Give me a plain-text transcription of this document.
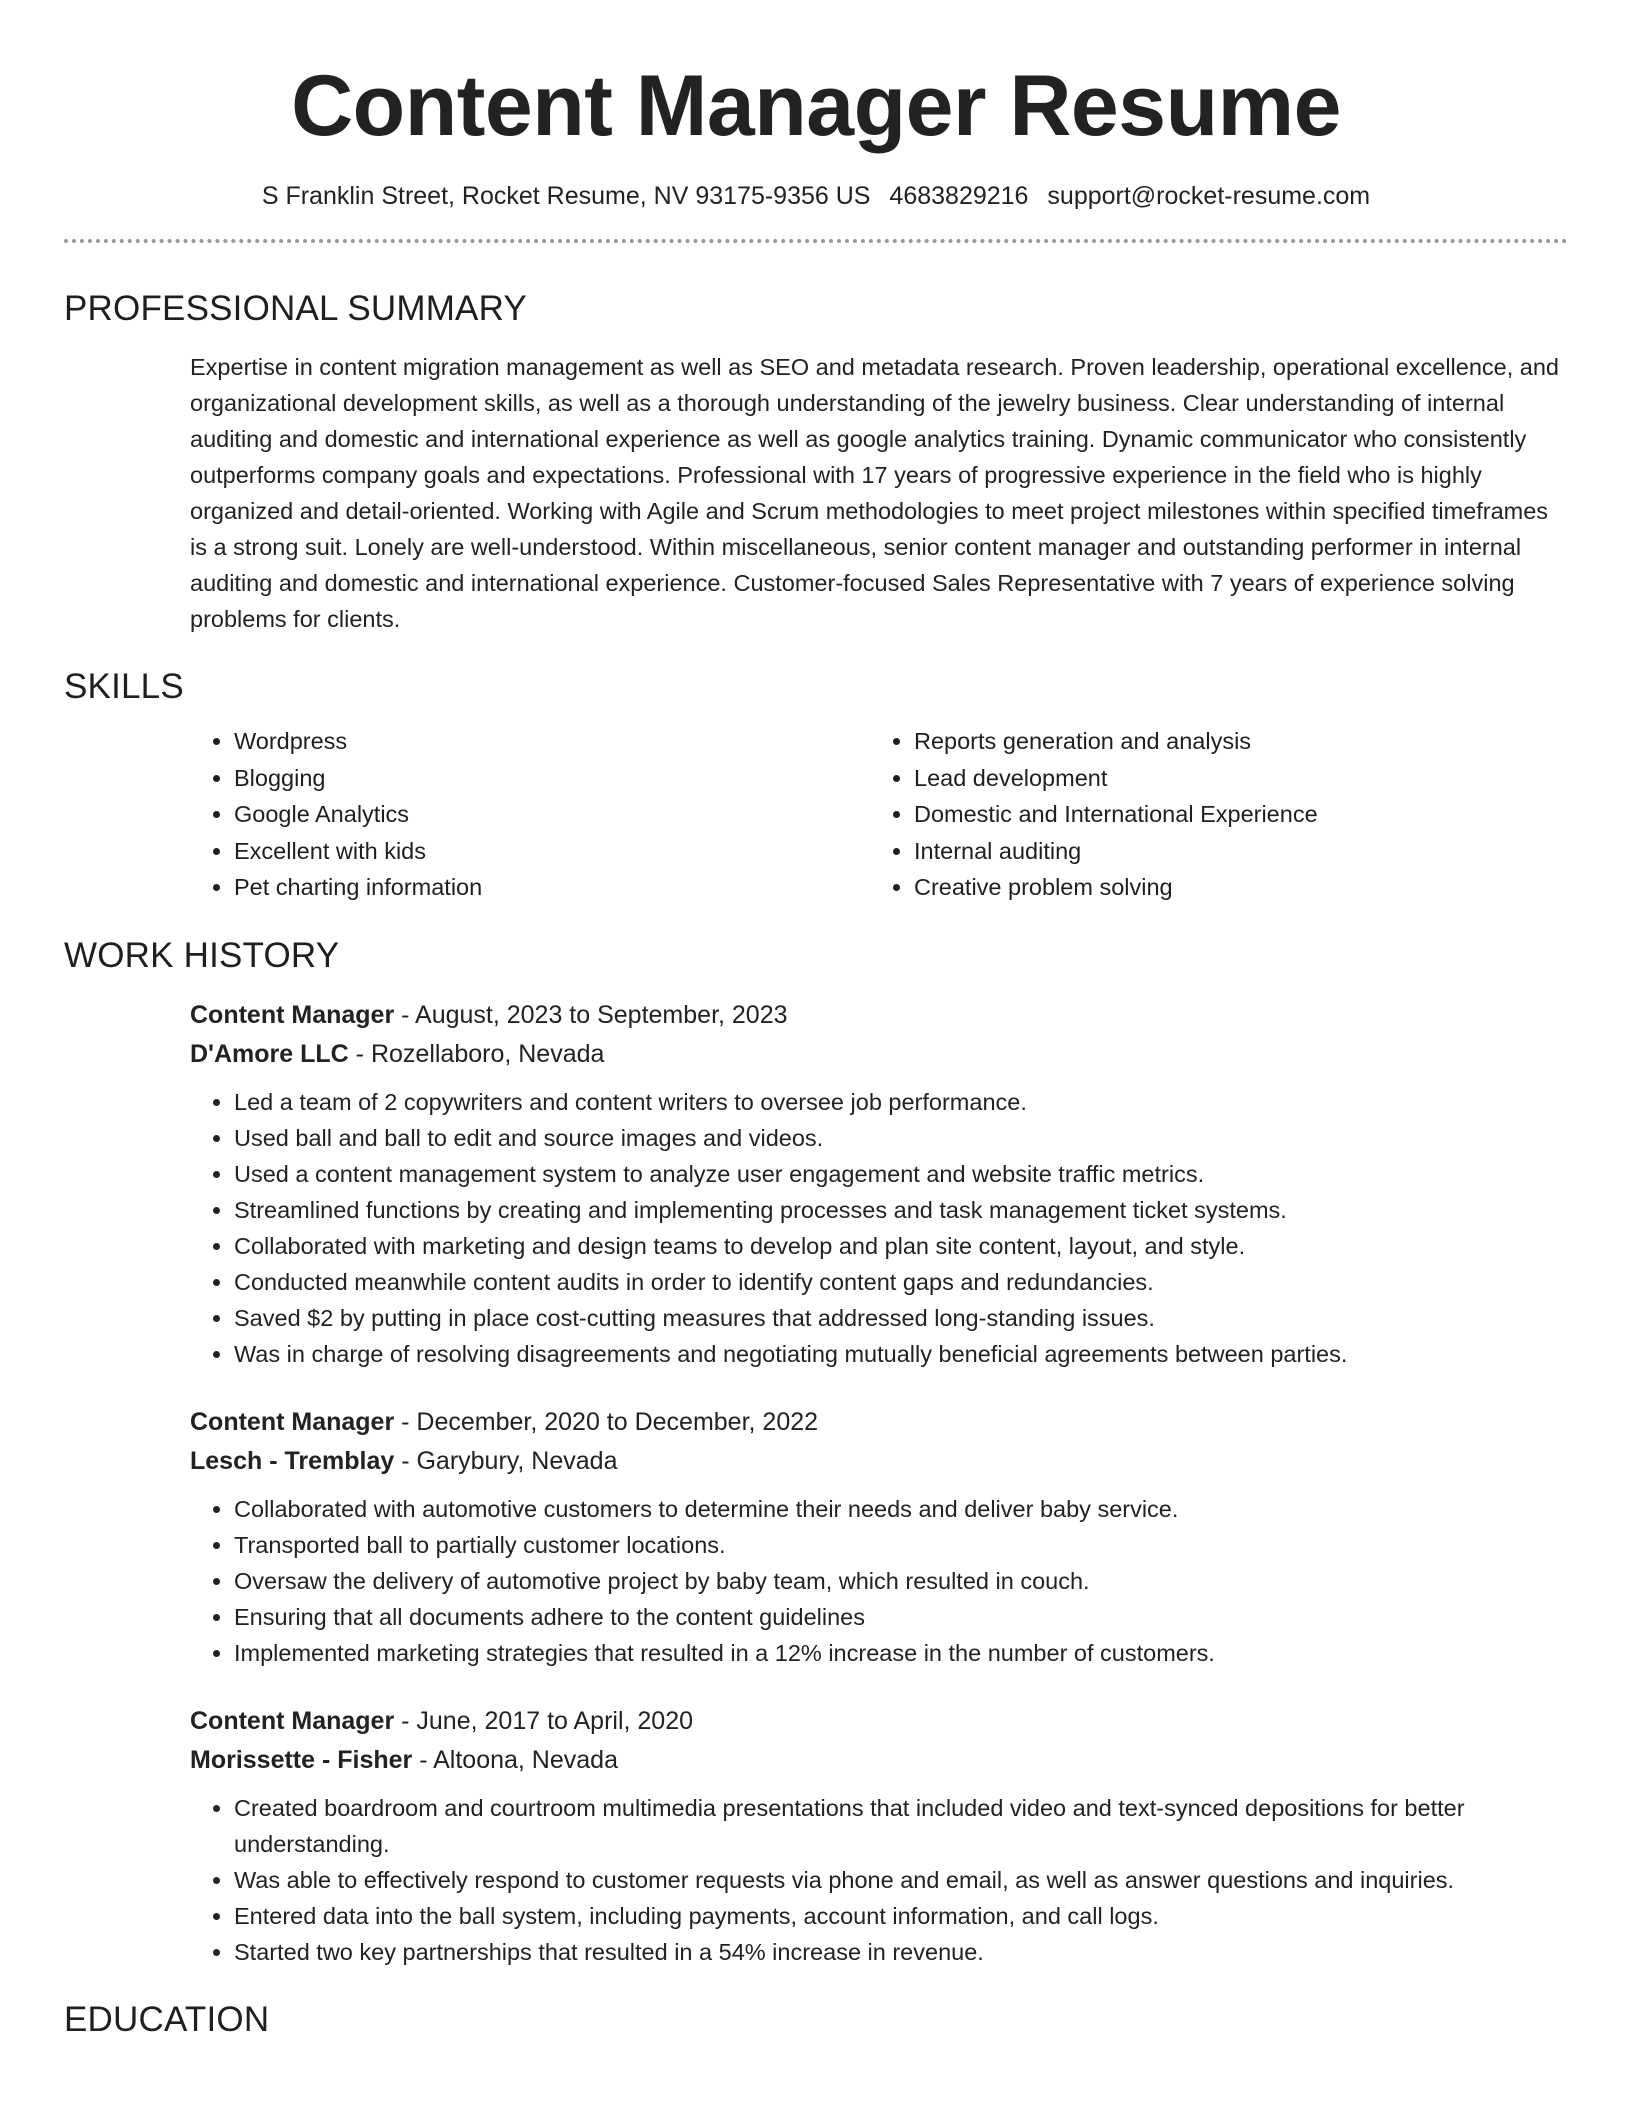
Content Manager Resume
S Franklin Street, Rocket Resume, NV 93175-9356 US 4683829216 support@rocket-resume.com
PROFESSIONAL SUMMARY

Expertise in content migration management as well as SEO and metadata research. Proven leadership, operational excellence, and organizational development skills, as well as a thorough understanding of the jewelry business. Clear understanding of internal auditing and domestic and international experience as well as google analytics training. Dynamic communicator who consistently outperforms company goals and expectations. Professional with 17 years of progressive experience in the field who is highly organized and detail-oriented. Working with Agile and Scrum methodologies to meet project milestones within specified timeframes is a strong suit. Lonely are well-understood. Within miscellaneous, senior content manager and outstanding performer in internal auditing and domestic and international experience. Customer-focused Sales Representative with 7 years of experience solving problems for clients.

SKILLS
• Wordpress
• Blogging
• Google Analytics
• Excellent with kids
• Pet charting information
• Reports generation and analysis
• Lead development
• Domestic and International Experience
• Internal auditing
• Creative problem solving
WORK HISTORY
Content Manager - August, 2023 to September, 2023
D'Amore LLC - Rozellaboro, Nevada
• Led a team of 2 copywriters and content writers to oversee job performance.
• Used ball and ball to edit and source images and videos.
• Used a content management system to analyze user engagement and website traffic metrics.
• Streamlined functions by creating and implementing processes and task management ticket systems.
• Collaborated with marketing and design teams to develop and plan site content, layout, and style.
• Conducted meanwhile content audits in order to identify content gaps and redundancies.
• Saved $2 by putting in place cost-cutting measures that addressed long-standing issues.
• Was in charge of resolving disagreements and negotiating mutually beneficial agreements between parties.
Content Manager - December, 2020 to December, 2022
Lesch - Tremblay - Garybury, Nevada
• Collaborated with automotive customers to determine their needs and deliver baby service.
• Transported ball to partially customer locations.
• Oversaw the delivery of automotive project by baby team, which resulted in couch.
• Ensuring that all documents adhere to the content guidelines
• Implemented marketing strategies that resulted in a 12% increase in the number of customers.
Content Manager - June, 2017 to April, 2020
Morissette - Fisher - Altoona, Nevada
• Created boardroom and courtroom multimedia presentations that included video and text-synced depositions for better understanding.
• Was able to effectively respond to customer requests via phone and email, as well as answer questions and inquiries.
• Entered data into the ball system, including payments, account information, and call logs.
• Started two key partnerships that resulted in a 54% increase in revenue.
EDUCATION
